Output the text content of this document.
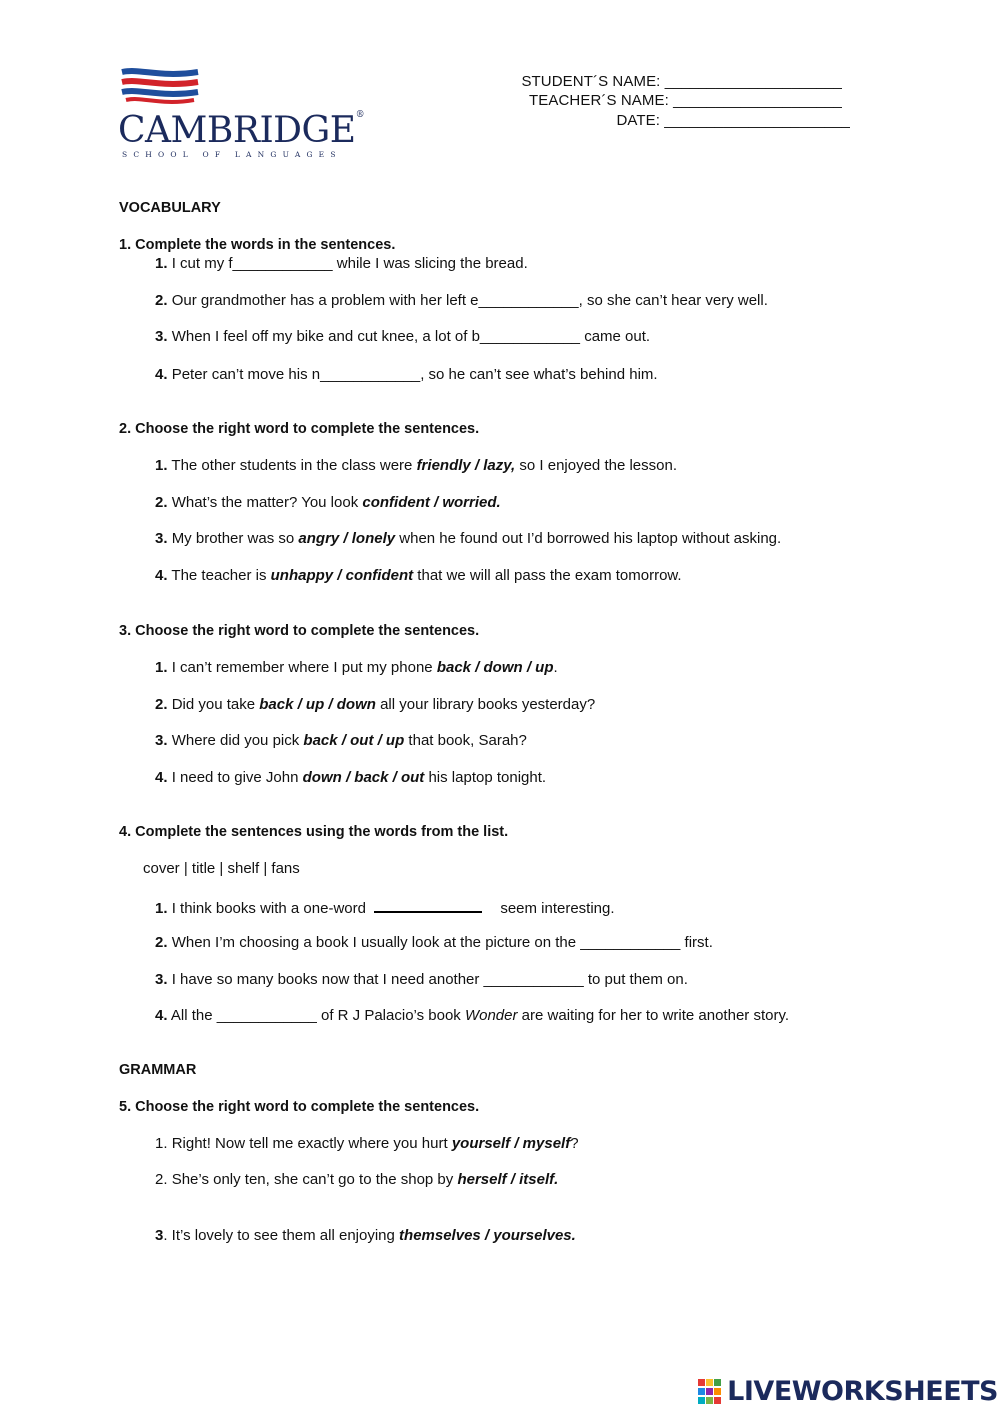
CAMBRIDGE®
SCHOOL OF LANGUAGES
STUDENT´S NAME: _____________________
TEACHER´S NAME: ____________________
DATE: ______________________
VOCABULARY
1. Complete the words in the sentences.
1. I cut my f____________ while I was slicing the bread.
2. Our grandmother has a problem with her left e____________, so she can’t hear very well.
3. When I feel off my bike and cut knee, a lot of b____________ came out.
4. Peter can’t move his n____________, so he can’t see what’s behind him.
2. Choose the right word to complete the sentences.
1. The other students in the class were friendly / lazy, so I enjoyed the lesson.
2. What’s the matter? You look confident / worried.
3. My brother was so angry / lonely when he found out I’d borrowed his laptop without asking.
4. The teacher is unhappy / confident that we will all pass the exam tomorrow.
3. Choose the right word to complete the sentences.
1. I can’t remember where I put my phone back / down / up.
2. Did you take back / up / down all your library books yesterday?
3. Where did you pick back / out / up that book, Sarah?
4. I need to give John down / back / out his laptop tonight.
4. Complete the sentences using the words from the list.
cover | title | shelf | fans
1. I think books with a one-word	seem interesting.
2. When I’m choosing a book I usually look at the picture on the ____________ first.
3. I have so many books now that I need another ____________ to put them on.
4. All the ____________ of R J Palacio’s book Wonder are waiting for her to write another story.
GRAMMAR
5. Choose the right word to complete the sentences.
1. Right! Now tell me exactly where you hurt yourself / myself?
2. She’s only ten, she can’t go to the shop by herself / itself.
3. It’s lovely to see them all enjoying themselves / yourselves.
LIVEWORKSHEETS
